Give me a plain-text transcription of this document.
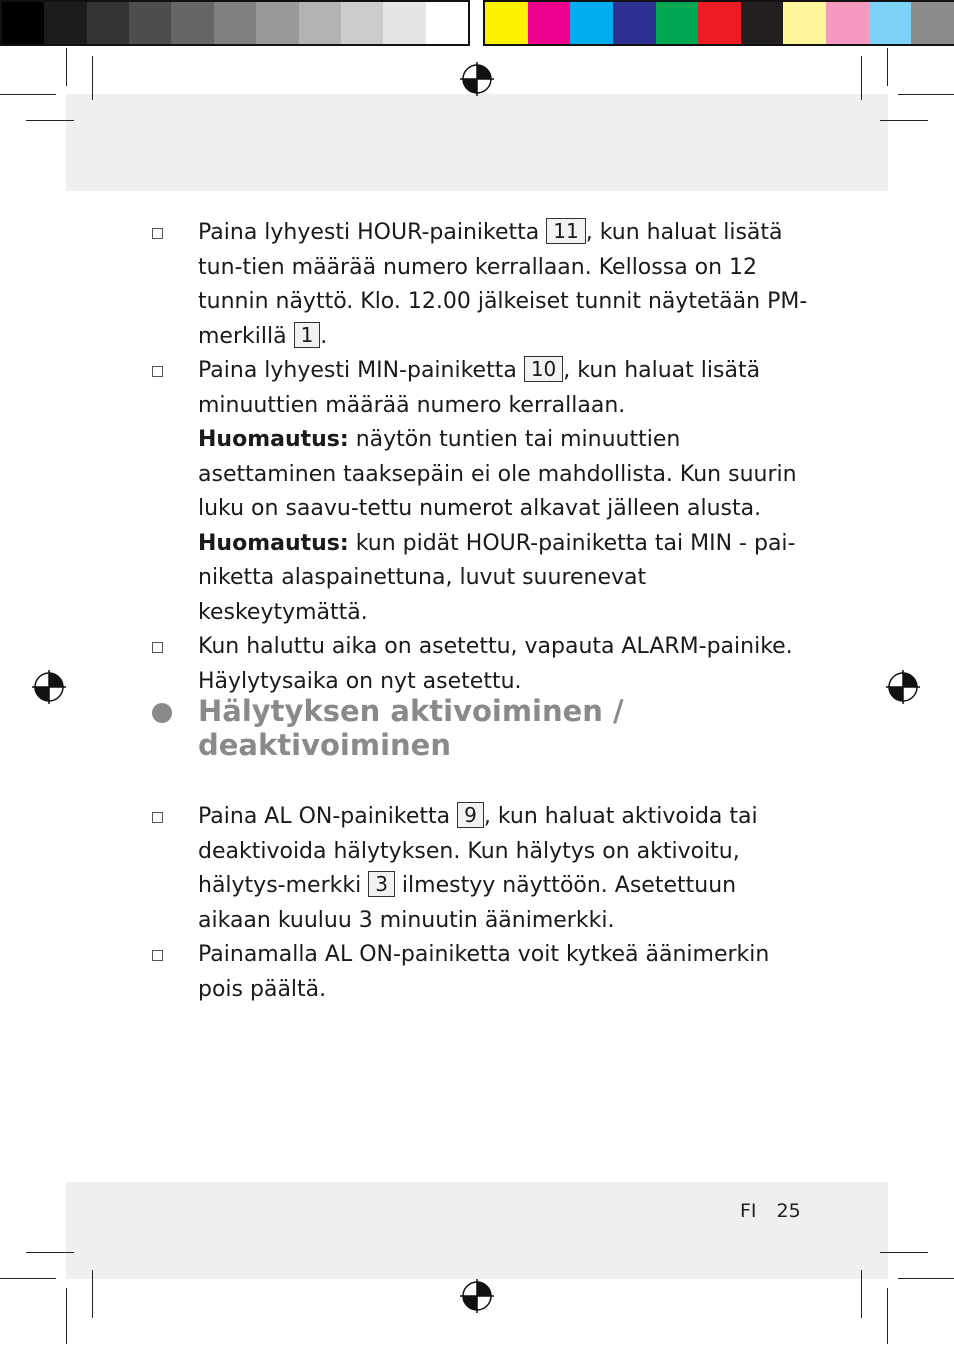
Paina lyhyesti HOUR-painiketta 11 , kun haluat lisätä tun-tien määrää numero kerrallaan. Kellossa on 12 tunnin näyttö. Klo. 12.00 jälkeiset tunnit näytetään PM-merkillä 1 .
Paina lyhyesti MIN-painiketta 10 , kun haluat lisätä minuuttien määrää numero kerrallaan.
Huomautus: näytön tuntien tai minuuttien asettaminen taaksepäin ei ole mahdollista. Kun suurin luku on saavu-tettu numerot alkavat jälleen alusta.
Huomautus: kun pidät HOUR-painiketta tai MIN - pai-niketta alaspainettuna, luvut suurenevat keskeytymättä.
Kun haluttu aika on asetettu, vapauta ALARM-painike. Häylytysaika on nyt asetettu.
Hälytyksen aktivoiminen /
deaktivoiminen
Paina AL ON-painiketta 9 , kun haluat aktivoida tai deaktivoida hälytyksen. Kun hälytys on aktivoitu, hälytys-merkki 3 ilmestyy näyttöön. Asetettuun aikaan kuuluu 3 minuutin äänimerkki.
Painamalla AL ON-painiketta voit kytkeä äänimerkin pois päältä.
FI 25
